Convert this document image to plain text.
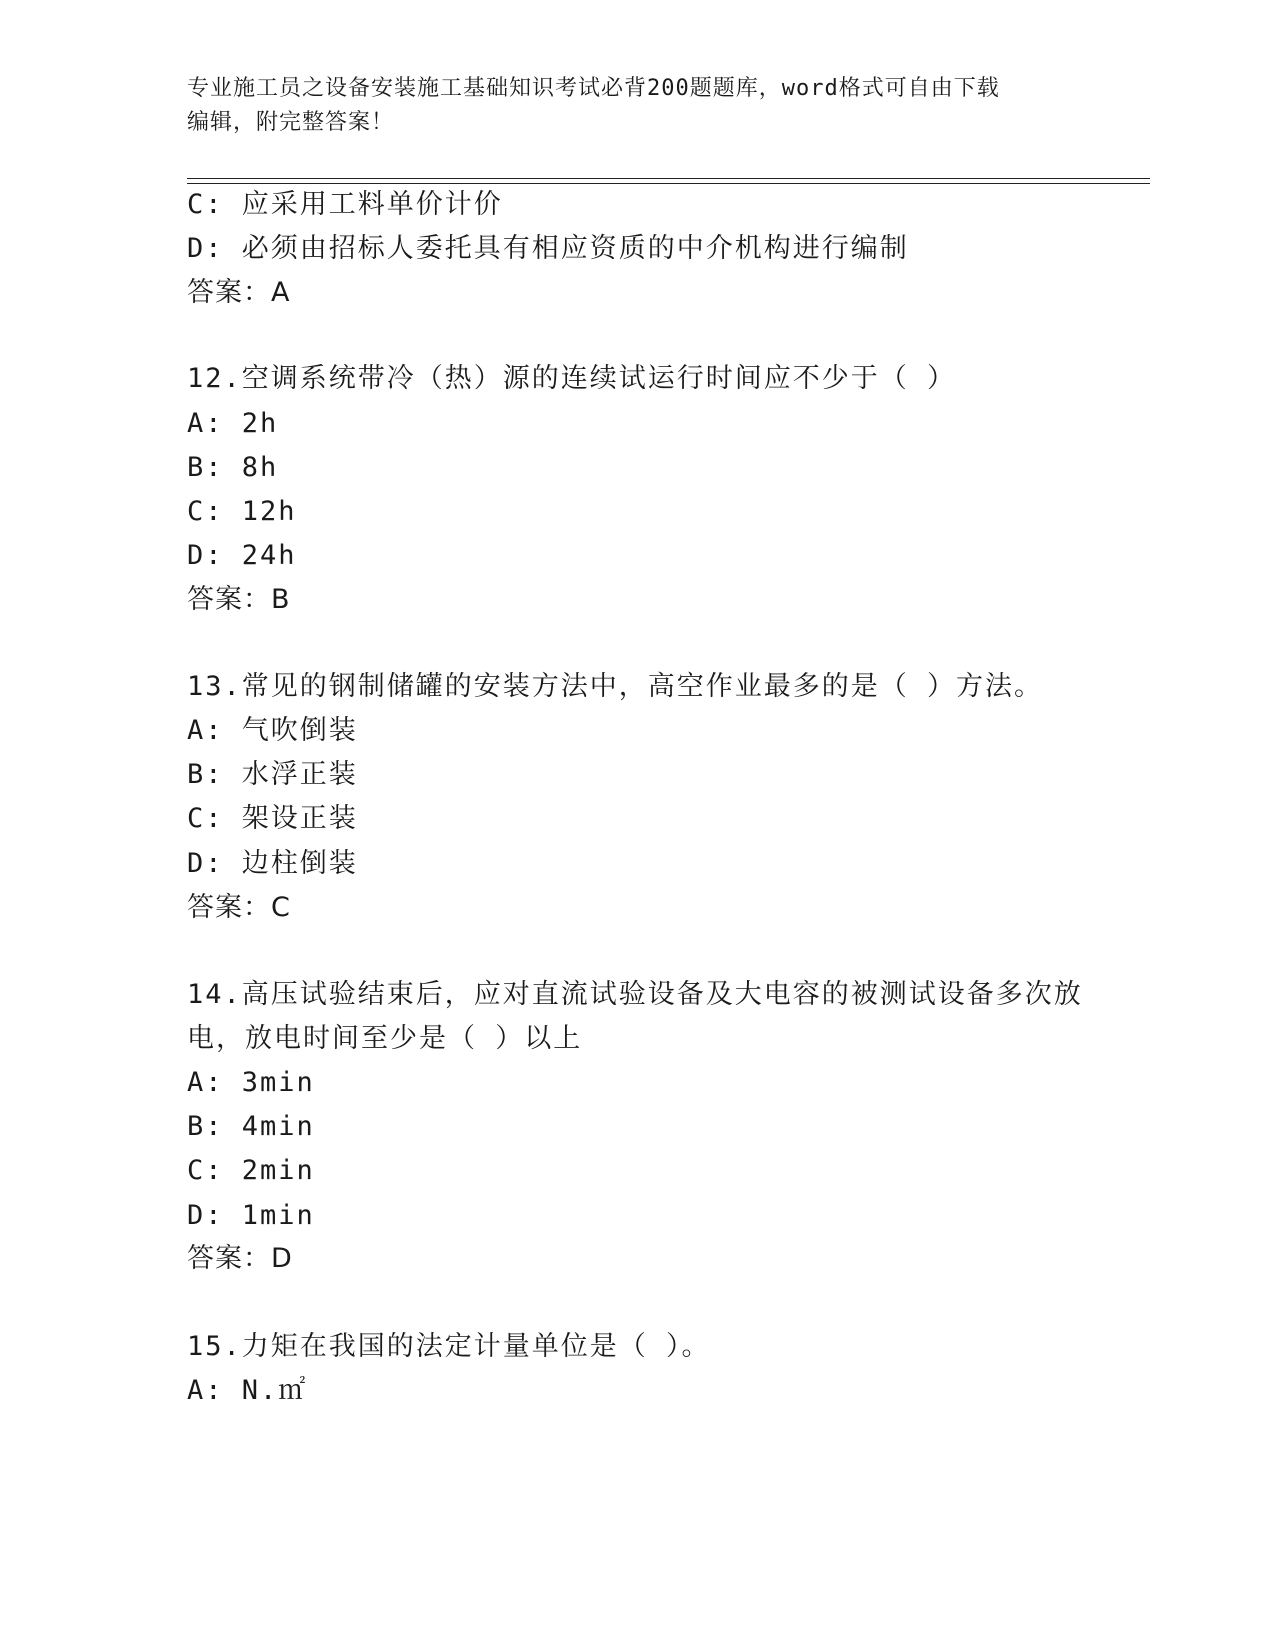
专业施工员之设备安装施工基础知识考试必背200题题库，word格式可自由下载
编辑，附完整答案！
C: 应采用工料单价计价
D: 必须由招标人委托具有相应资质的中介机构进行编制
答案：A
12.空调系统带冷（热）源的连续试运行时间应不少于（ ）
A: 2h
B: 8h
C: 12h
D: 24h
答案：B
13.常见的钢制储罐的安装方法中，高空作业最多的是（ ）方法。
A: 气吹倒装
B: 水浮正装
C: 架设正装
D: 边柱倒装
答案：C
14.高压试验结束后，应对直流试验设备及大电容的被测试设备多次放
电，放电时间至少是（ ）以上
A: 3min
B: 4min
C: 2min
D: 1min
答案：D
15.力矩在我国的法定计量单位是（ ）。
A: N.㎡
